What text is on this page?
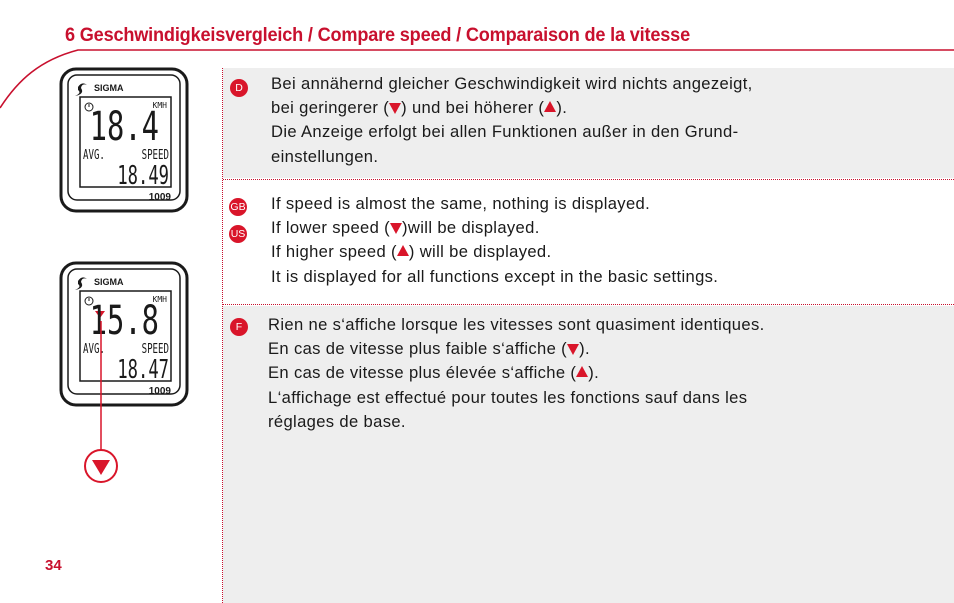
6 Geschwindigkeisvergleich / Compare speed / Comparaison de la vitesse
SIGMA
KMH
18.4
AVG.	SPEED
18.49
1009
SIGMA
KMH
15.8
AVG.	SPEED
18.47
1009
D	Bei annähernd gleicher Geschwindigkeit wird nichts angezeigt,
bei geringerer ( ) und bei höherer ( ).
Die Anzeige erfolgt bei allen Funktionen außer in den Grund-
einstellungen.
GB
US
If speed is almost the same, nothing is displayed.
If lower speed ( )will be displayed.
If higher speed ( ) will be displayed.
It is displayed for all functions except in the basic settings.
F	Rien ne s‘affiche lorsque les vitesses sont quasiment identiques.
En cas de vitesse plus faible s‘affiche ( ).
En cas de vitesse plus élevée s‘affiche ( ).
L‘affichage est effectué pour toutes les fonctions sauf dans les
réglages de base.
34
